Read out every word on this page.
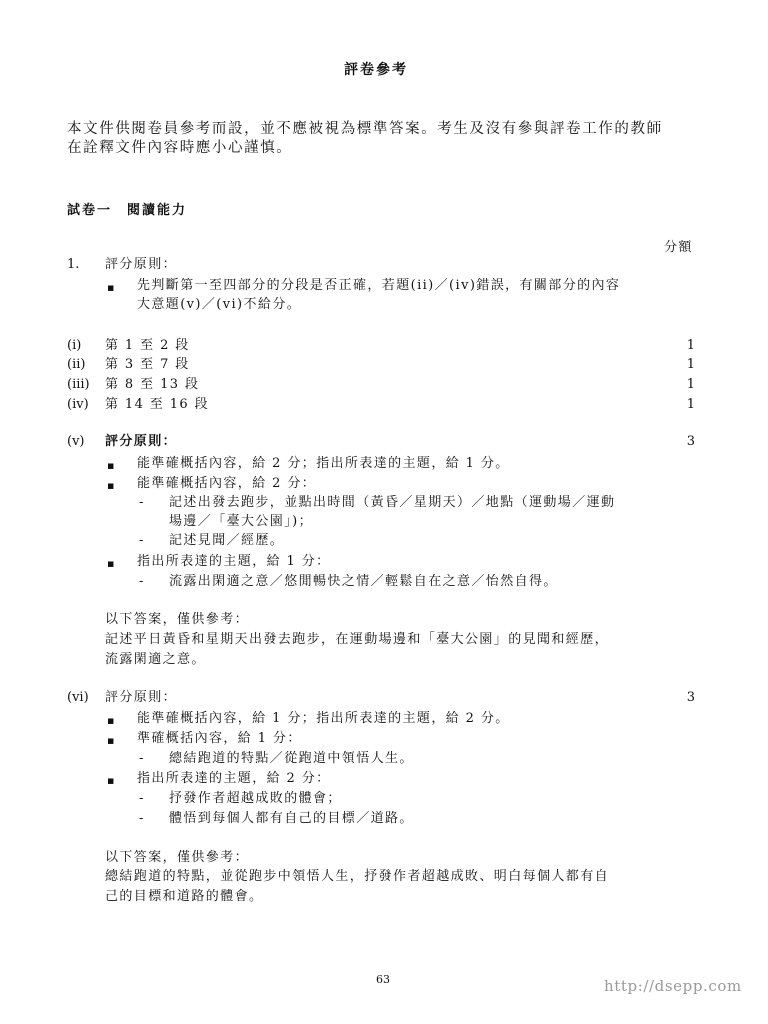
評卷參考
本文件供閱卷員參考而設，並不應被視為標準答案。考生及沒有參與評卷工作的教師
在詮釋文件內容時應小心謹慎。
試卷一　閱讀能力
分額
1. 評分原則：
▪ 先判斷第一至四部分的分段是否正確，若題(ii)／(iv)錯誤，有關部分的內容
大意題(v)／(vi)不給分。
(i) 第 1 至 2 段	1
(ii) 第 3 至 7 段	1
(iii) 第 8 至 13 段	1
(iv) 第 14 至 16 段	1
(v) 評分原則：	3
▪ 能準確概括內容，給 2 分；指出所表達的主題，給 1 分。
▪ 能準確概括內容，給 2 分：
- 記述出發去跑步，並點出時間（黃昏／星期天）／地點（運動場／運動
場邊／「臺大公園」)；
- 記述見聞／經歷。
▪ 指出所表達的主題，給 1 分：
- 流露出閑適之意／悠閒暢快之情／輕鬆自在之意／怡然自得。
以下答案，僅供參考：
記述平日黃昏和星期天出發去跑步，在運動場邊和「臺大公園」的見聞和經歷，
流露閑適之意。
(vi) 評分原則：	3
▪ 能準確概括內容，給 1 分；指出所表達的主題，給 2 分。
▪ 準確概括內容，給 1 分：
- 總結跑道的特點／從跑道中領悟人生。
▪ 指出所表達的主題，給 2 分：
- 抒發作者超越成敗的體會；
- 體悟到每個人都有自己的目標／道路。
以下答案，僅供參考：
總結跑道的特點，並從跑步中領悟人生，抒發作者超越成敗、明白每個人都有自
己的目標和道路的體會。
63	http://dsepp.com
